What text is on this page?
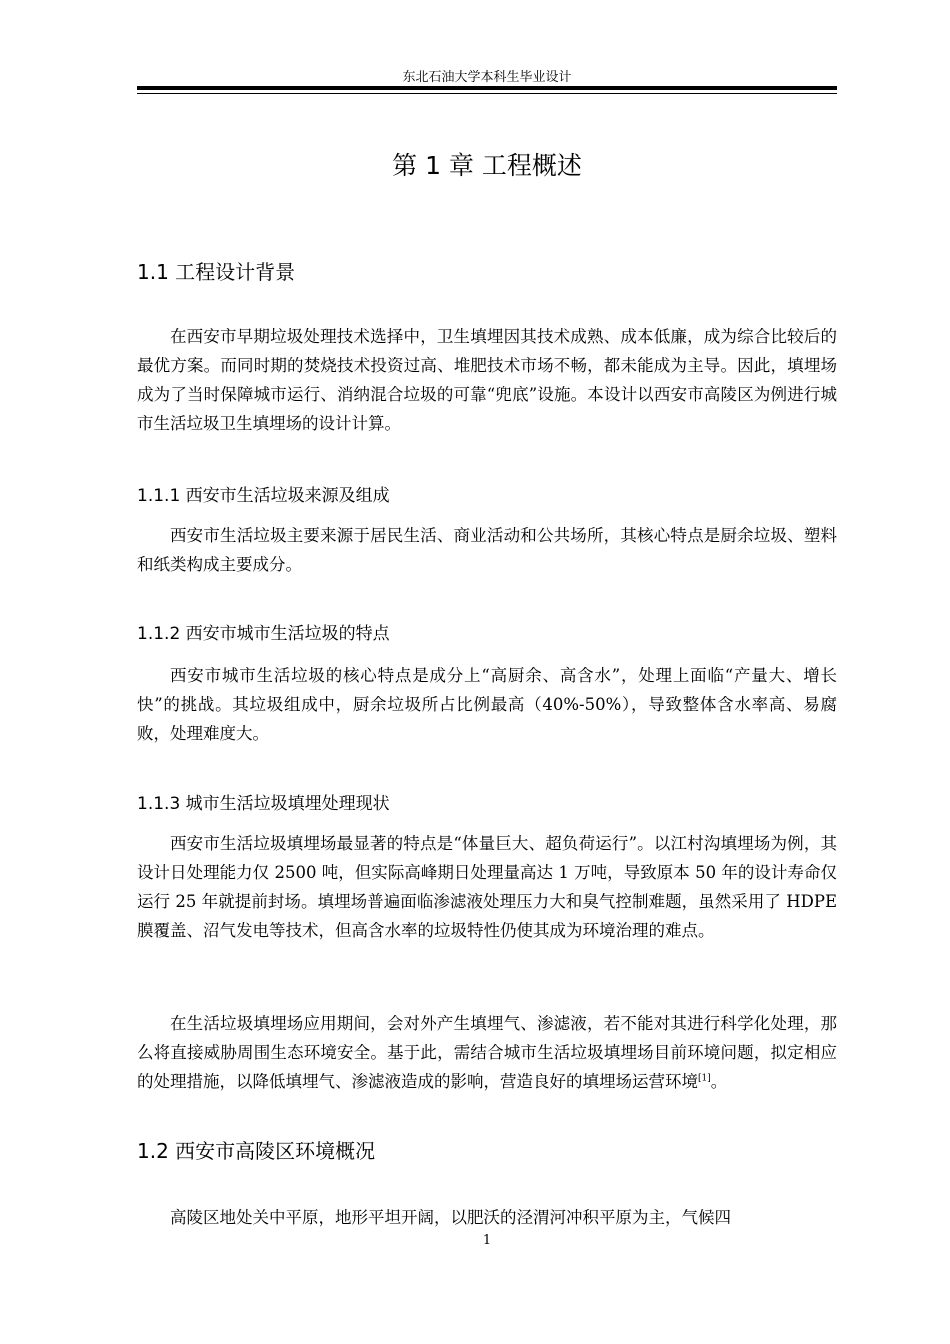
东北石油大学本科生毕业设计
第 1 章 工程概述
1.1 工程设计背景

在西安市早期垃圾处理技术选择中，卫生填埋因其技术成熟、成本低廉，成为综合比较后的最优方案。而同时期的焚烧技术投资过高、堆肥技术市场不畅，都未能成为主导。因此，填埋场成为了当时保障城市运行、消纳混合垃圾的可靠“兜底”设施。本设计以西安市高陵区为例进行城市生活垃圾卫生填埋场的设计计算。

1.1.1 西安市生活垃圾来源及组成

西安市生活垃圾主要来源于居民生活、商业活动和公共场所，其核心特点是厨余垃圾、塑料和纸类构成主要成分。

1.1.2 西安市城市生活垃圾的特点

西安市城市生活垃圾的核心特点是成分上“高厨余、高含水”，处理上面临“产量大、增长快”的挑战。其垃圾组成中，厨余垃圾所占比例最高（40%-50%），导致整体含水率高、易腐败，处理难度大。

1.1.3 城市生活垃圾填埋处理现状

西安市生活垃圾填埋场最显著的特点是“体量巨大、超负荷运行”。以江村沟填埋场为例，其设计日处理能力仅 2500 吨，但实际高峰期日处理量高达 1 万吨，导致原本 50 年的设计寿命仅运行 25 年就提前封场。填埋场普遍面临渗滤液处理压力大和臭气控制难题，虽然采用了 HDPE 膜覆盖、沼气发电等技术，但高含水率的垃圾特性仍使其成为环境治理的难点。

在生活垃圾填埋场应用期间，会对外产生填埋气、渗滤液，若不能对其进行科学化处理，那么将直接威胁周围生态环境安全。基于此，需结合城市生活垃圾填埋场目前环境问题，拟定相应的处理措施，以降低填埋气、渗滤液造成的影响，营造良好的填埋场运营环境[1]。

1.2 西安市高陵区环境概况

高陵区地处关中平原，地形平坦开阔，以肥沃的泾渭河冲积平原为主，气候四

1
